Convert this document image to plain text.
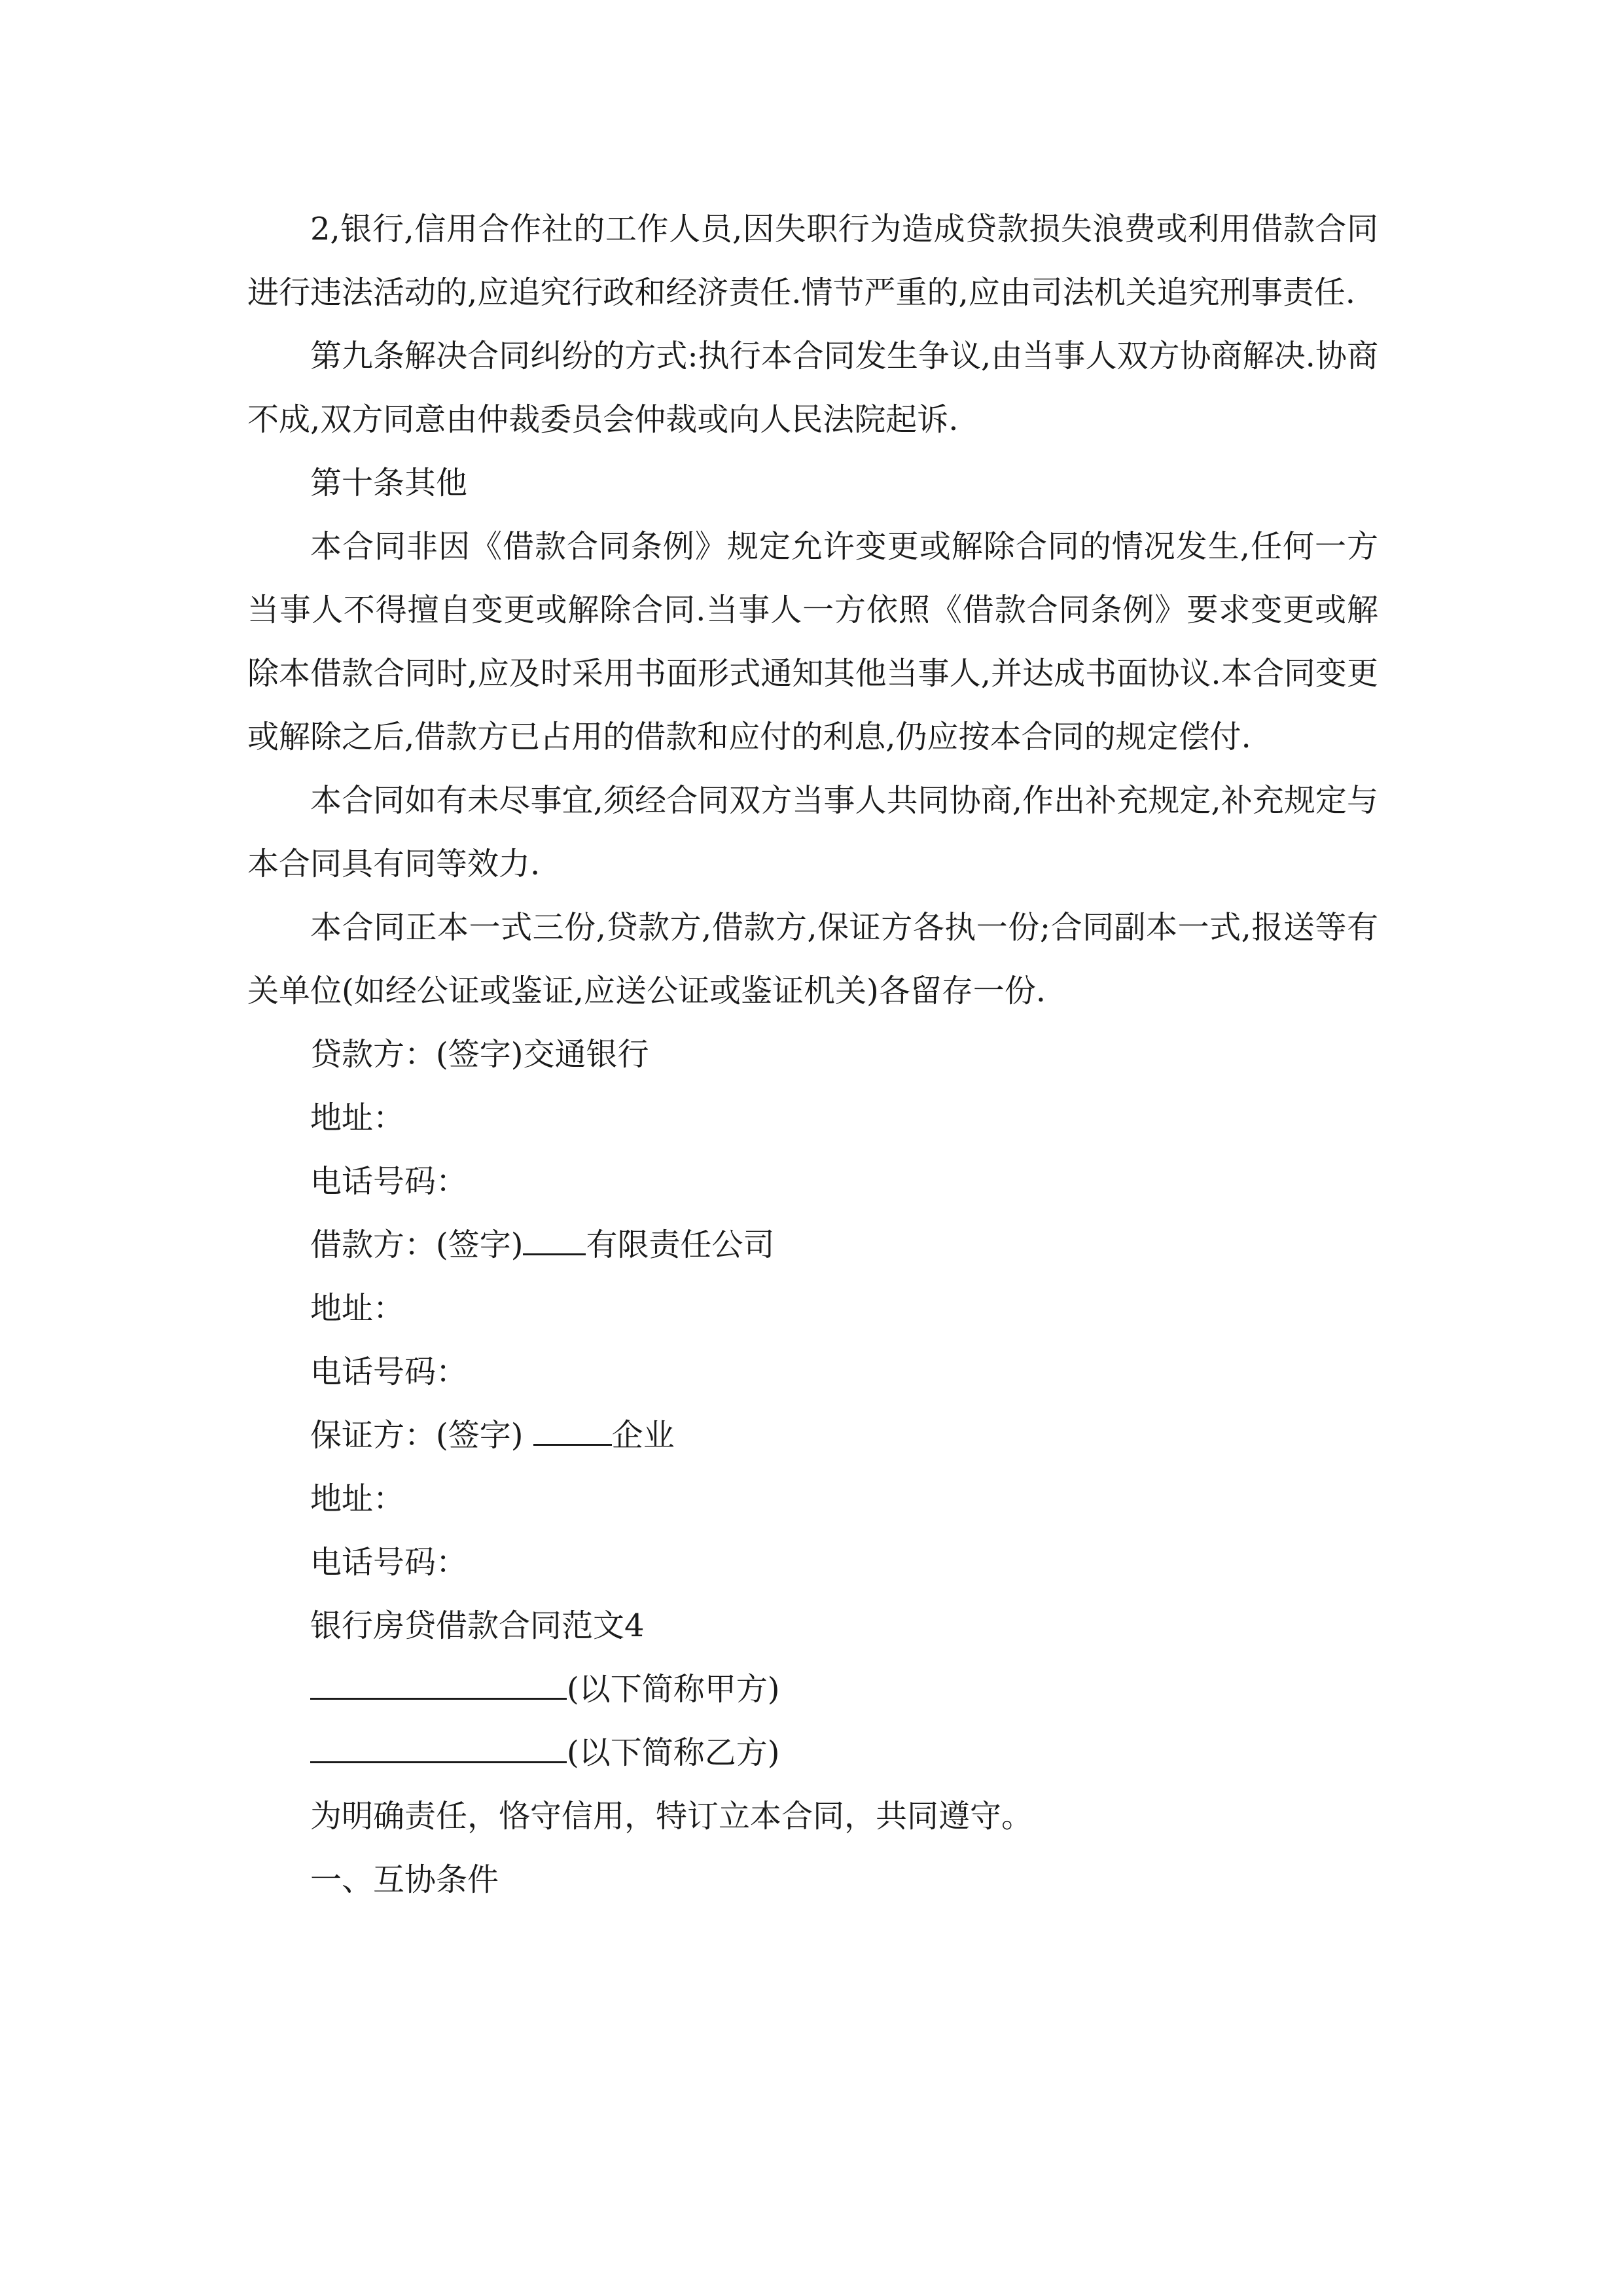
2,银行,信用合作社的工作人员,因失职行为造成贷款损失浪费或利用借款合同进行违法活动的,应追究行政和经济责任.情节严重的,应由司法机关追究刑事责任.

第九条解决合同纠纷的方式:执行本合同发生争议,由当事人双方协商解决.协商不成,双方同意由仲裁委员会仲裁或向人民法院起诉.

第十条其他

本合同非因《借款合同条例》规定允许变更或解除合同的情况发生,任何一方当事人不得擅自变更或解除合同.当事人一方依照《借款合同条例》要求变更或解除本借款合同时,应及时采用书面形式通知其他当事人,并达成书面协议.本合同变更或解除之后,借款方已占用的借款和应付的利息,仍应按本合同的规定偿付.

本合同如有未尽事宜,须经合同双方当事人共同协商,作出补充规定,补充规定与本合同具有同等效力.

本合同正本一式三份,贷款方,借款方,保证方各执一份;合同副本一式,报送等有关单位(如经公证或鉴证,应送公证或鉴证机关)各留存一份.

贷款方：(签字)交通银行

地址：

电话号码：

借款方：(签字) 有限责任公司

地址：

电话号码：

保证方：(签字)	企业

地址：

电话号码：

银行房贷借款合同范文4

(以下简称甲方)

(以下简称乙方)

为明确责任，恪守信用，特订立本合同，共同遵守。

一、互协条件
